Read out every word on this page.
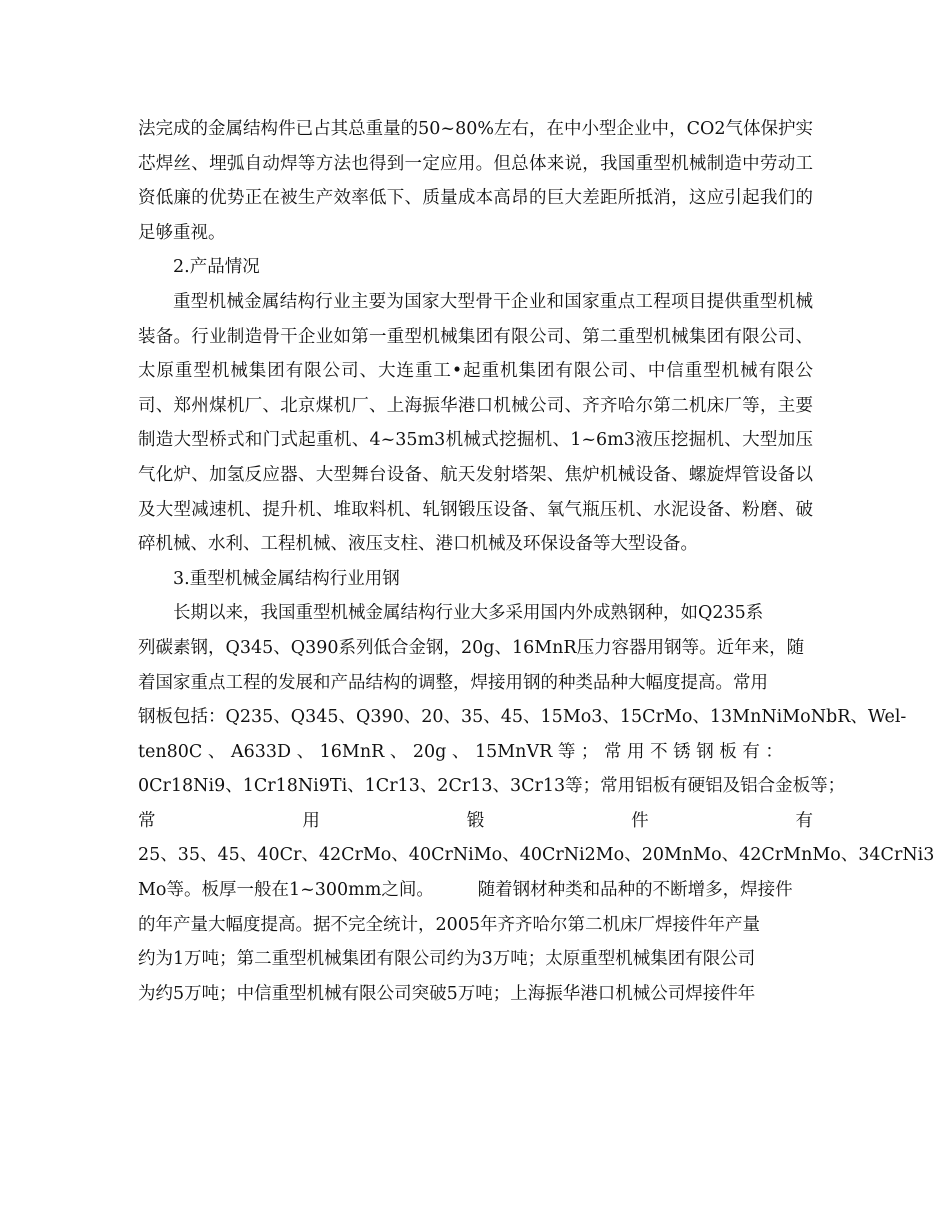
法完成的金属结构件已占其总重量的50~80%左右，在中小型企业中，CO2气体保护实芯焊丝、埋弧自动焊等方法也得到一定应用。但总体来说，我国重型机械制造中劳动工资低廉的优势正在被生产效率低下、质量成本高昂的巨大差距所抵消，这应引起我们的足够重视。

2.产品情况

重型机械金属结构行业主要为国家大型骨干企业和国家重点工程项目提供重型机械装备。行业制造骨干企业如第一重型机械集团有限公司、第二重型机械集团有限公司、太原重型机械集团有限公司、大连重工•起重机集团有限公司、中信重型机械有限公司、郑州煤机厂、北京煤机厂、上海振华港口机械公司、齐齐哈尔第二机床厂等，主要制造大型桥式和门式起重机、4~35m3机械式挖掘机、1~6m3液压挖掘机、大型加压气化炉、加氢反应器、大型舞台设备、航天发射塔架、焦炉机械设备、螺旋焊管设备以及大型减速机、提升机、堆取料机、轧钢锻压设备、氧气瓶压机、水泥设备、粉磨、破碎机械、水利、工程机械、液压支柱、港口机械及环保设备等大型设备。

3.重型机械金属结构行业用钢

长期以来，我国重型机械金属结构行业大多采用国内外成熟钢种，如Q235系
列碳素钢，Q345、Q390系列低合金钢，20g、16MnR压力容器用钢等。近年来，随
着国家重点工程的发展和产品结构的调整，焊接用钢的种类品种大幅度提高。常用
钢板包括：Q235、Q345、Q390、20、35、45、15Mo3、15CrMo、13MnNiMoNbR、Wel-
ten80C 、 A633D 、 16MnR 、 20g 、 15MnVR 等 ； 常 用 不 锈 钢 板 有 ：
0Cr18Ni9、1Cr18Ni9Ti、1Cr13、2Cr13、3Cr13等；常用铝板有硬铝及铝合金板等；
常	用	锻	件	有
25、35、45、40Cr、42CrMo、40CrNiMo、40CrNi2Mo、20MnMo、42CrMnMo、34CrNi3
Mo等。板厚一般在1~300mm之间。　　　随着钢材种类和品种的不断增多，焊接件
的年产量大幅度提高。据不完全统计，2005年齐齐哈尔第二机床厂焊接件年产量
约为1万吨；第二重型机械集团有限公司约为3万吨；太原重型机械集团有限公司
为约5万吨；中信重型机械有限公司突破5万吨；上海振华港口机械公司焊接件年
